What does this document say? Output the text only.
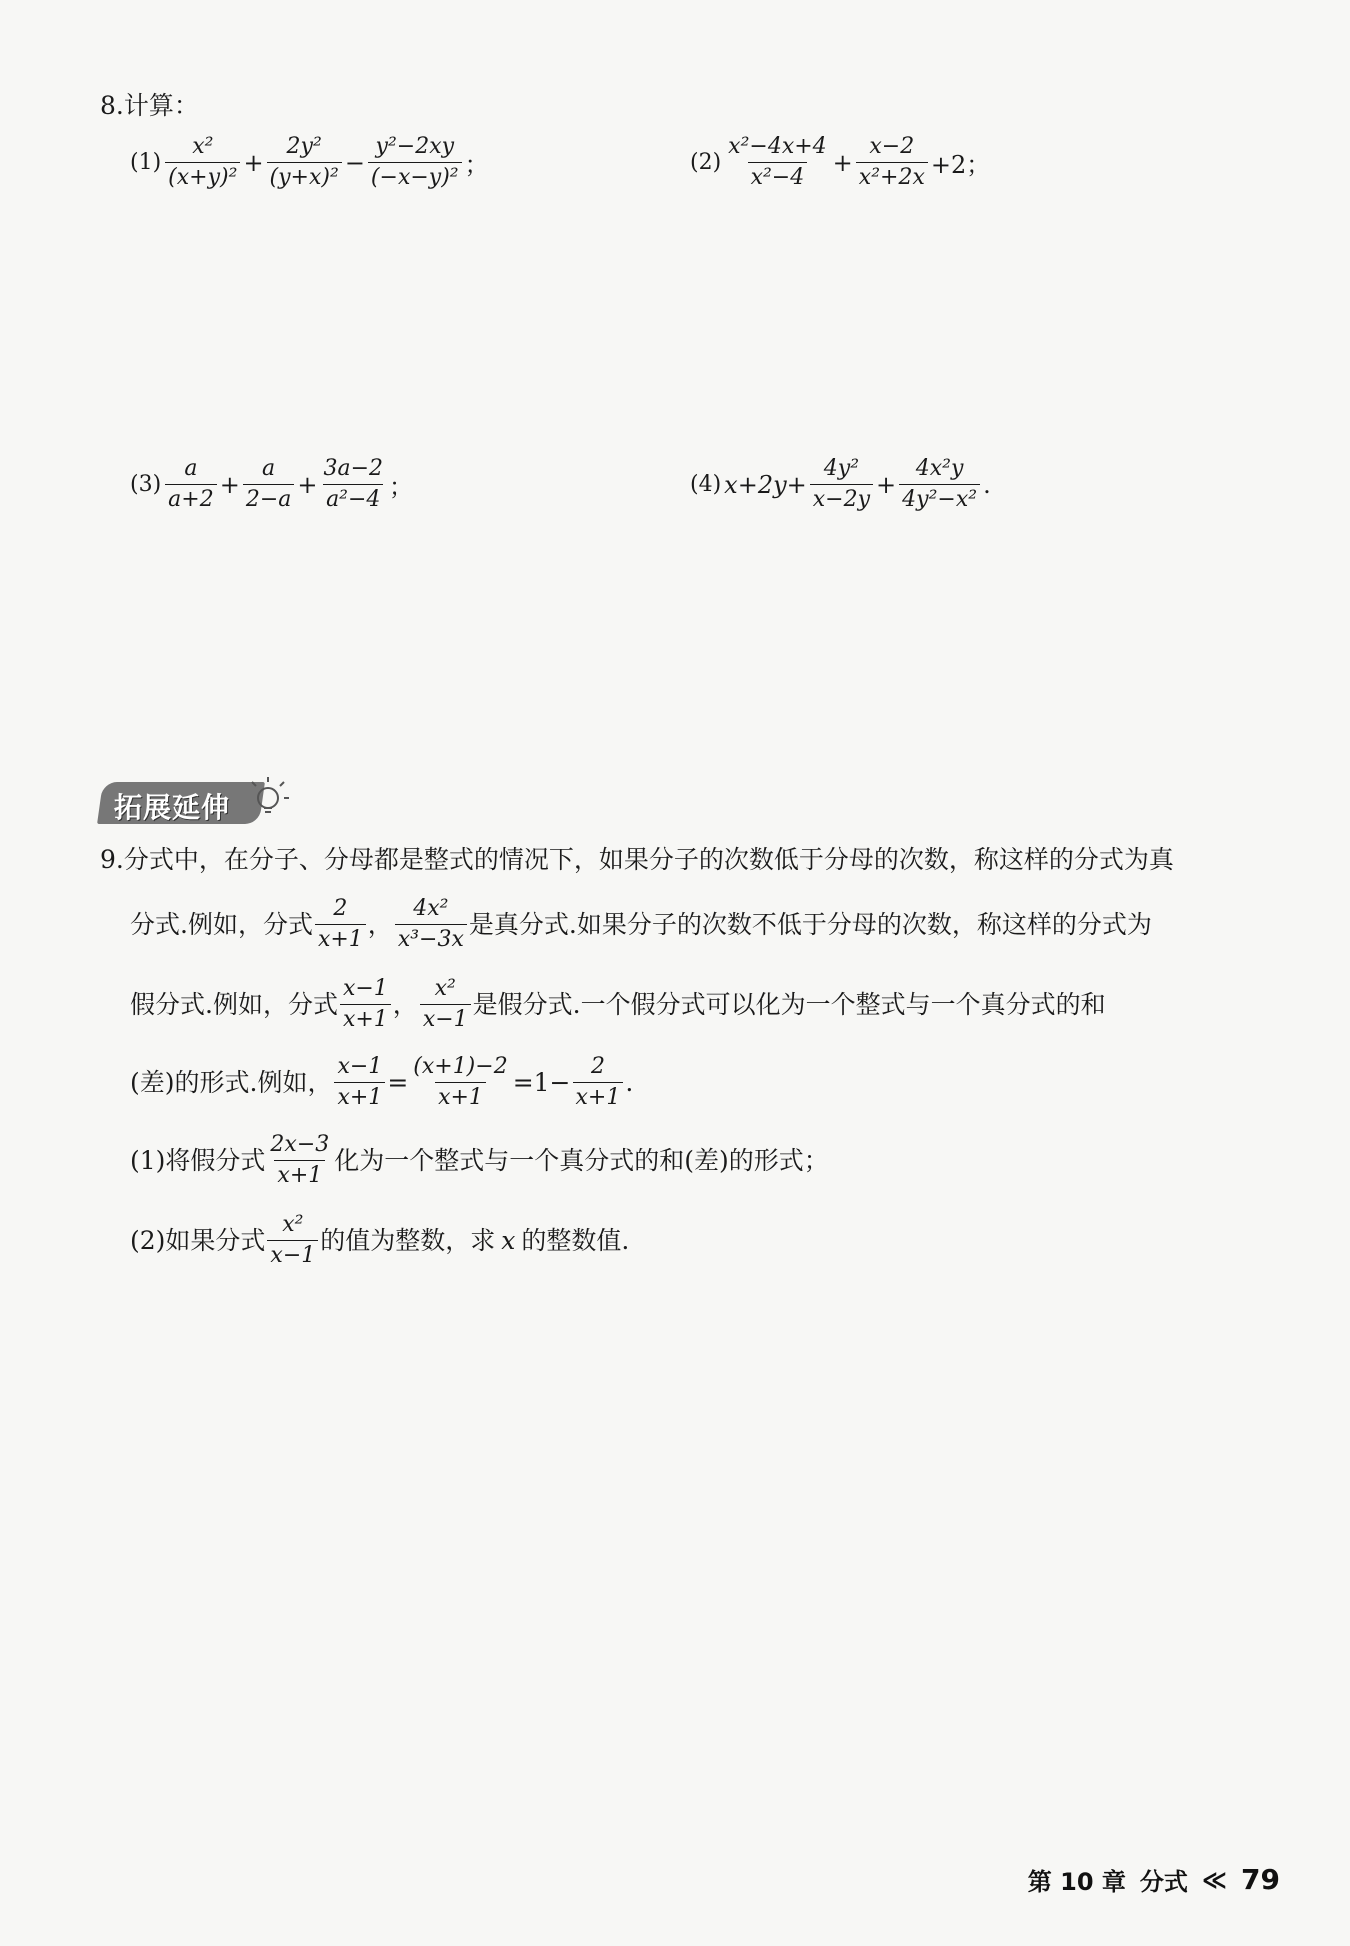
8.计算：
$(1) \frac{\text{x²}}{\text{(x+y)²}} + \frac{\text{2y²}}{\text{(y+x)²}} - \frac{\text{y²−2xy}}{\text{(−x−y)²}}$ ；	$(2) \frac{\text{x²−4x+4}}{\text{x²−4}} + \frac{x-2}{\text{x²+2x}} +2$；
$(3) \frac{a}{a+2} + \frac{a}{2-a} + \frac{3a-2}{\text{a²−4}}$ ；	(4) $x+2y+ \frac{\text{4y²}}{x-2y} + \frac{\text{4x²y}}{\text{4y²−x²}}$ .
拓展延伸
9.分式中，在分子、分母都是整式的情况下，如果分子的次数低于分母的次数，称这样的分式为真
分式.例如，分式 $\frac{2}{x+1}$ ， $\frac{\text{4x²}}{\text{x³−3x}}$ 是真分式.如果分子的次数不低于分母的次数，称这样的分式为
假分式.例如，分式 $\frac{x-1}{x+1}$ ， $\frac{\text{x²}}{x-1}$ 是假分式.一个假分式可以化为一个整式与一个真分式的和
(差)的形式.例如， $\frac{x-1}{x+1} = \frac{(x+1)-2}{x+1} =1- \frac{2}{x+1}$ .
(1)将假分式 $\frac{2x-3}{x+1}$ 化为一个整式与一个真分式的和(差)的形式；
(2)如果分式 $\frac{\text{x²}}{x-1}$ 的值为整数，求 x 的整数值.
第 10 章 分式 ≪ 79
